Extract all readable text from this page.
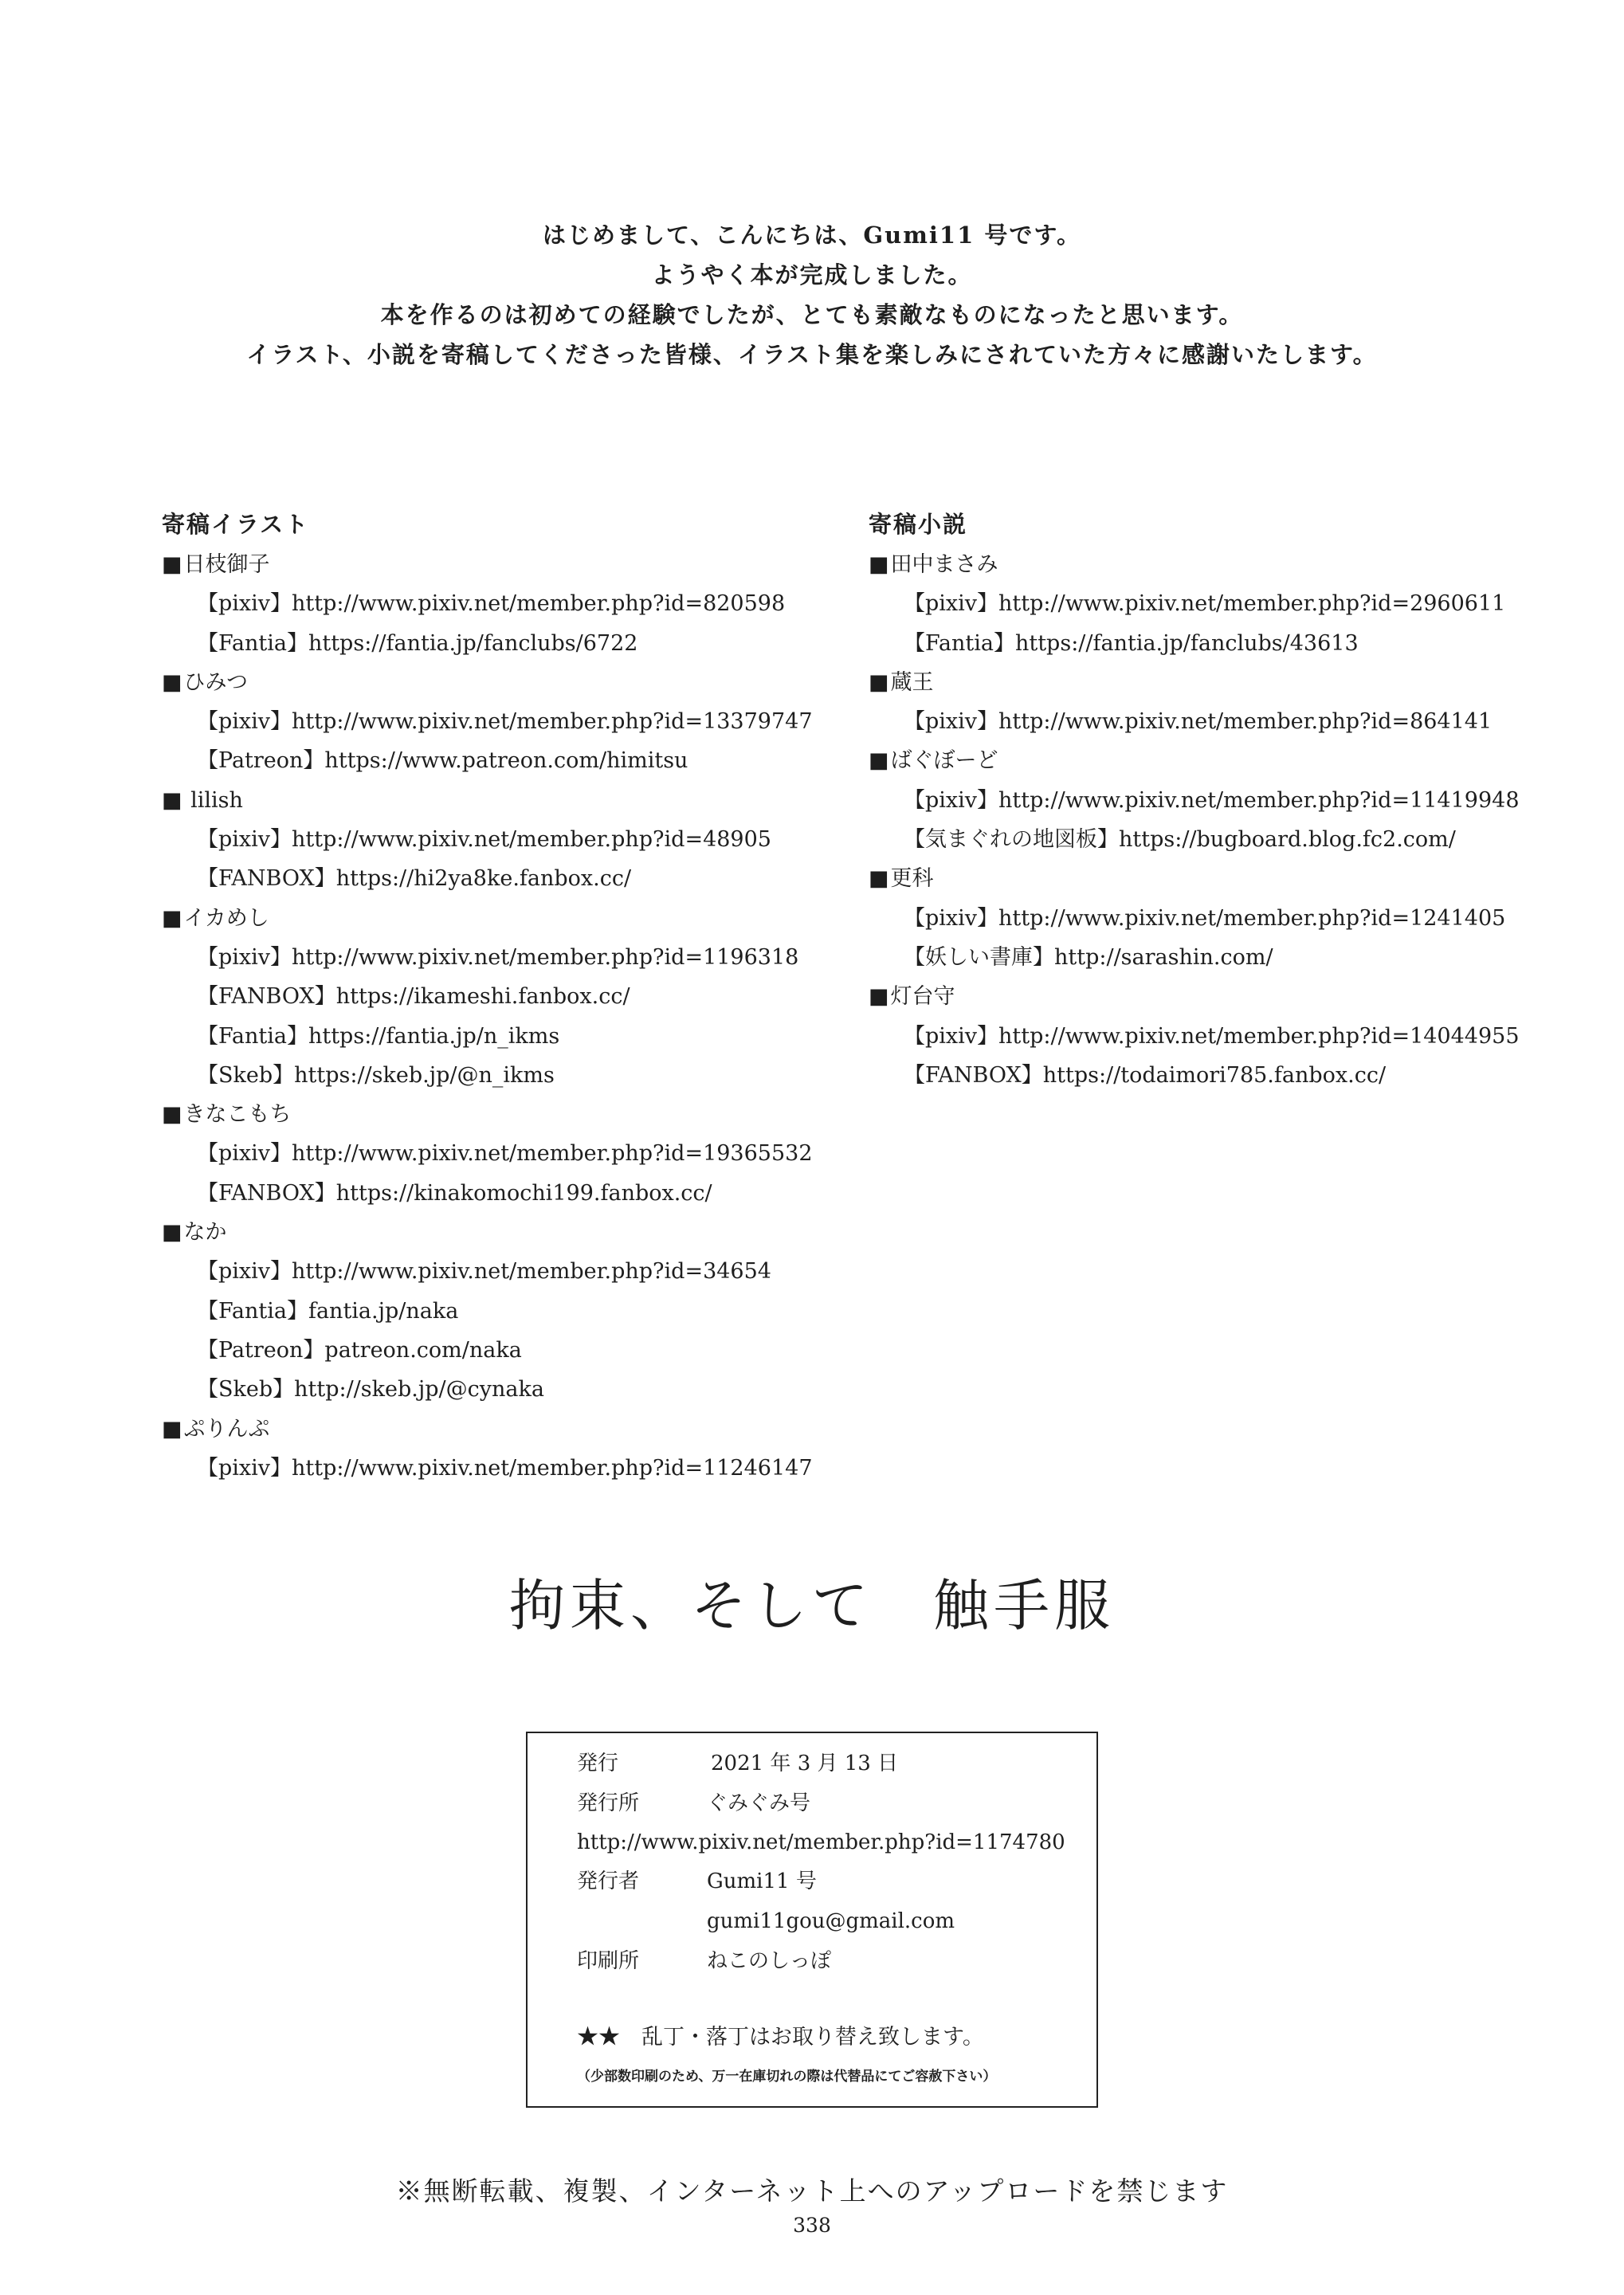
はじめまして、こんにちは、Gumi11 号です。

ようやく本が完成しました。

本を作るのは初めての経験でしたが、とても素敵なものになったと思います。

イラスト、小説を寄稿してくださった皆様、イラスト集を楽しみにされていた方々に感謝いたします。

寄稿イラスト
■ 日枝御子
【pixiv】http://www.pixiv.net/member.php?id=820598
【Fantia】https://fantia.jp/fanclubs/6722
■ ひみつ
【pixiv】http://www.pixiv.net/member.php?id=13379747
【Patreon】https://www.patreon.com/himitsu
■ lilish
【pixiv】http://www.pixiv.net/member.php?id=48905
【FANBOX】https://hi2ya8ke.fanbox.cc/
■ イカめし
【pixiv】http://www.pixiv.net/member.php?id=1196318
【FANBOX】https://ikameshi.fanbox.cc/
【Fantia】https://fantia.jp/n_ikms
【Skeb】https://skeb.jp/@n_ikms
■ きなこもち
【pixiv】http://www.pixiv.net/member.php?id=19365532
【FANBOX】https://kinakomochi199.fanbox.cc/
■ なか
【pixiv】http://www.pixiv.net/member.php?id=34654
【Fantia】fantia.jp/naka
【Patreon】patreon.com/naka
【Skeb】http://skeb.jp/@cynaka
■ ぷりんぷ
【pixiv】http://www.pixiv.net/member.php?id=11246147
寄稿小説
■ 田中まさみ
【pixiv】http://www.pixiv.net/member.php?id=2960611
【Fantia】https://fantia.jp/fanclubs/43613
■ 蔵王
【pixiv】http://www.pixiv.net/member.php?id=864141
■ ばぐぼーど
【pixiv】http://www.pixiv.net/member.php?id=11419948
【気まぐれの地図板】https://bugboard.blog.fc2.com/
■ 更科
【pixiv】http://www.pixiv.net/member.php?id=1241405
【妖しい書庫】http://sarashin.com/
■ 灯台守
【pixiv】http://www.pixiv.net/member.php?id=14044955
【FANBOX】https://todaimori785.fanbox.cc/
拘束、そして　触手服
発行	2021 年 3 月 13 日
発行所	ぐみぐみ号
http://www.pixiv.net/member.php?id=1174780
発行者	Gumi11 号
gumi11gou@gmail.com
印刷所	ねこのしっぽ
★★　乱丁・落丁はお取り替え致します。
（少部数印刷のため、万一在庫切れの際は代替品にてご容赦下さい）
※無断転載、複製、インターネット上へのアップロードを禁じます
338
